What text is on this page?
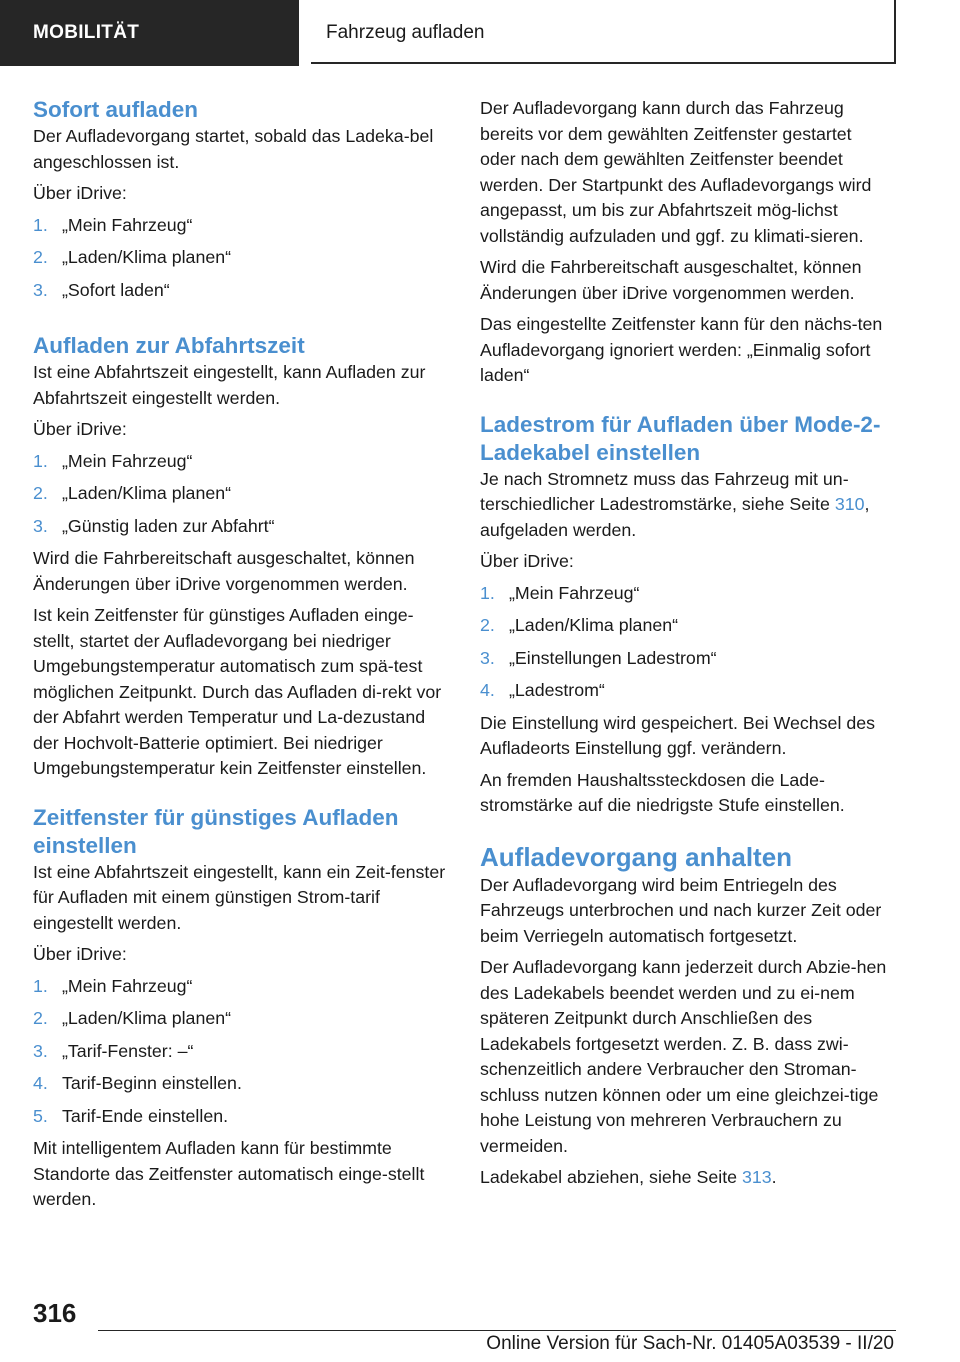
MOBILITÄT	Fahrzeug aufladen
Sofort aufladen

Der Aufladevorgang startet, sobald das Ladeka‐bel angeschlossen ist.

Über iDrive:

1. „Mein Fahrzeug“
2. „Laden/Klima planen“
3. „Sofort laden“
Aufladen zur Abfahrtszeit

Ist eine Abfahrtszeit eingestellt, kann Aufladen zur Abfahrtszeit eingestellt werden.

Über iDrive:

1. „Mein Fahrzeug“
2. „Laden/Klima planen“
3. „Günstig laden zur Abfahrt“

Wird die Fahrbereitschaft ausgeschaltet, können Änderungen über iDrive vorgenommen werden.

Ist kein Zeitfenster für günstiges Aufladen einge‐stellt, startet der Aufladevorgang bei niedriger Umgebungstemperatur automatisch zum spä‐test möglichen Zeitpunkt. Durch das Aufladen di‐rekt vor der Abfahrt werden Temperatur und La‐dezustand der Hochvolt-Batterie optimiert. Bei niedriger Umgebungstemperatur kein Zeitfenster einstellen.

Zeitfenster für günstiges Aufladen einstellen

Ist eine Abfahrtszeit eingestellt, kann ein Zeit‐fenster für Aufladen mit einem günstigen Strom‐tarif eingestellt werden.

Über iDrive:

1. „Mein Fahrzeug“
2. „Laden/Klima planen“
3. „Tarif-Fenster: –“
4. Tarif-Beginn einstellen.
5. Tarif-Ende einstellen.

Mit intelligentem Aufladen kann für bestimmte Standorte das Zeitfenster automatisch einge‐stellt werden.

Der Aufladevorgang kann durch das Fahrzeug bereits vor dem gewählten Zeitfenster gestartet oder nach dem gewählten Zeitfenster beendet werden. Der Startpunkt des Aufladevorgangs wird angepasst, um bis zur Abfahrtszeit mög‐lichst vollständig aufzuladen und ggf. zu klimati‐sieren.

Wird die Fahrbereitschaft ausgeschaltet, können Änderungen über iDrive vorgenommen werden.

Das eingestellte Zeitfenster kann für den nächs‐ten Aufladevorgang ignoriert werden: „Einmalig sofort laden“

Ladestrom für Aufladen über Mode-2-Ladekabel einstellen

Je nach Stromnetz muss das Fahrzeug mit un‐terschiedlicher Ladestromstärke, siehe Seite 310, aufgeladen werden.

Über iDrive:

1. „Mein Fahrzeug“
2. „Laden/Klima planen“
3. „Einstellungen Ladestrom“
4. „Ladestrom“

Die Einstellung wird gespeichert. Bei Wechsel des Aufladeorts Einstellung ggf. verändern.

An fremden Haushaltssteckdosen die Lade‐stromstärke auf die niedrigste Stufe einstellen.

Aufladevorgang anhalten

Der Aufladevorgang wird beim Entriegeln des Fahrzeugs unterbrochen und nach kurzer Zeit oder beim Verriegeln automatisch fortgesetzt.

Der Aufladevorgang kann jederzeit durch Abzie‐hen des Ladekabels beendet werden und zu ei‐nem späteren Zeitpunkt durch Anschließen des Ladekabels fortgesetzt werden. Z. B. dass zwi‐schenzeitlich andere Verbraucher den Stroman‐schluss nutzen können oder um eine gleichzei‐tige hohe Leistung von mehreren Verbrauchern zu vermeiden.

Ladekabel abziehen, siehe Seite 313.

316
Online Version für Sach-Nr. 01405A03539 - II/20
